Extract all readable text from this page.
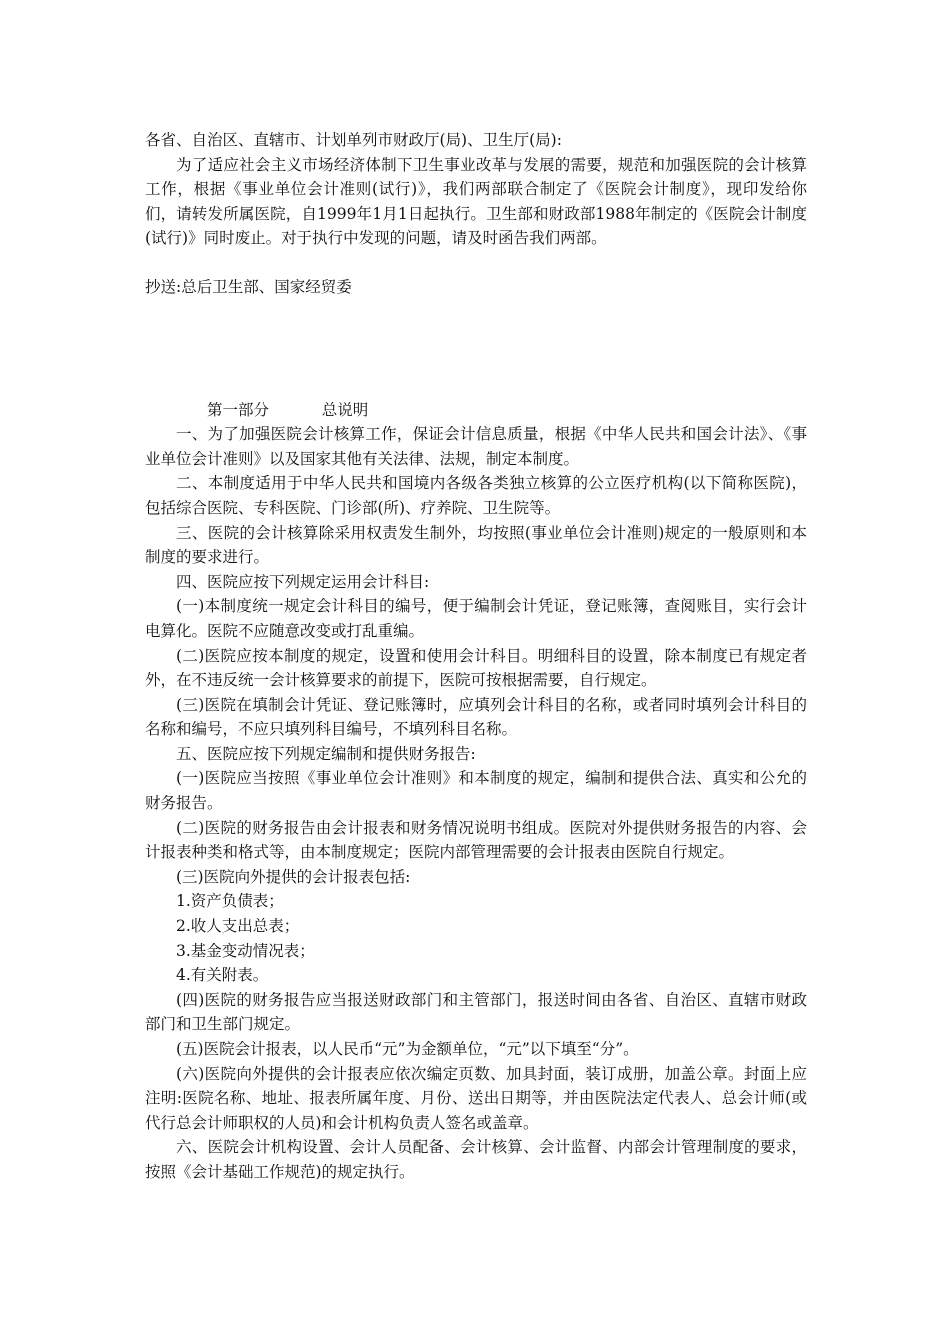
各省、自治区、直辖市、计划单列市财政厅(局)、卫生厅(局):

为了适应社会主义市场经济体制下卫生事业改革与发展的需要，规范和加强医院的会计核算工作，根据《事业单位会计准则(试行)》，我们两部联合制定了《医院会计制度》，现印发给你们，请转发所属医院，自1999年1月1日起执行。卫生部和财政部1988年制定的《医院会计制度(试行)》同时废止。对于执行中发现的问题，请及时函告我们两部。

抄送:总后卫生部、国家经贸委

第一部分	总说明

一、为了加强医院会计核算工作，保证会计信息质量，根据《中华人民共和国会计法》、《事业单位会计准则》以及国家其他有关法律、法规，制定本制度。

二、本制度适用于中华人民共和国境内各级各类独立核算的公立医疗机构(以下简称医院)，包括综合医院、专科医院、门诊部(所)、疗养院、卫生院等。

三、医院的会计核算除采用权责发生制外，均按照(事业单位会计准则)规定的一般原则和本制度的要求进行。

四、医院应按下列规定运用会计科目:

(一)本制度统一规定会计科目的编号，便于编制会计凭证，登记账簿，查阅账目，实行会计电算化。医院不应随意改变或打乱重编。

(二)医院应按本制度的规定，设置和使用会计科目。明细科目的设置，除本制度已有规定者外，在不违反统一会计核算要求的前提下，医院可按根据需要，自行规定。

(三)医院在填制会计凭证、登记账簿时，应填列会计科目的名称，或者同时填列会计科目的名称和编号，不应只填列科目编号，不填列科目名称。

五、医院应按下列规定编制和提供财务报告:

(一)医院应当按照《事业单位会计准则》和本制度的规定，编制和提供合法、真实和公允的财务报告。

(二)医院的财务报告由会计报表和财务情况说明书组成。医院对外提供财务报告的内容、会计报表种类和格式等，由本制度规定；医院内部管理需要的会计报表由医院自行规定。

(三)医院向外提供的会计报表包括:

1.资产负债表；

2.收人支出总表；

3.基金变动情况表；

4.有关附表。

(四)医院的财务报告应当报送财政部门和主管部门，报送时间由各省、自治区、直辖市财政部门和卫生部门规定。

(五)医院会计报表，以人民币“元”为金额单位，“元”以下填至“分”。

(六)医院向外提供的会计报表应依次编定页数、加具封面，装订成册，加盖公章。封面上应注明:医院名称、地址、报表所属年度、月份、送出日期等，并由医院法定代表人、总会计师(或代行总会计师职权的人员)和会计机构负责人签名或盖章。

六、医院会计机构设置、会计人员配备、会计核算、会计监督、内部会计管理制度的要求，按照《会计基础工作规范)的规定执行。
